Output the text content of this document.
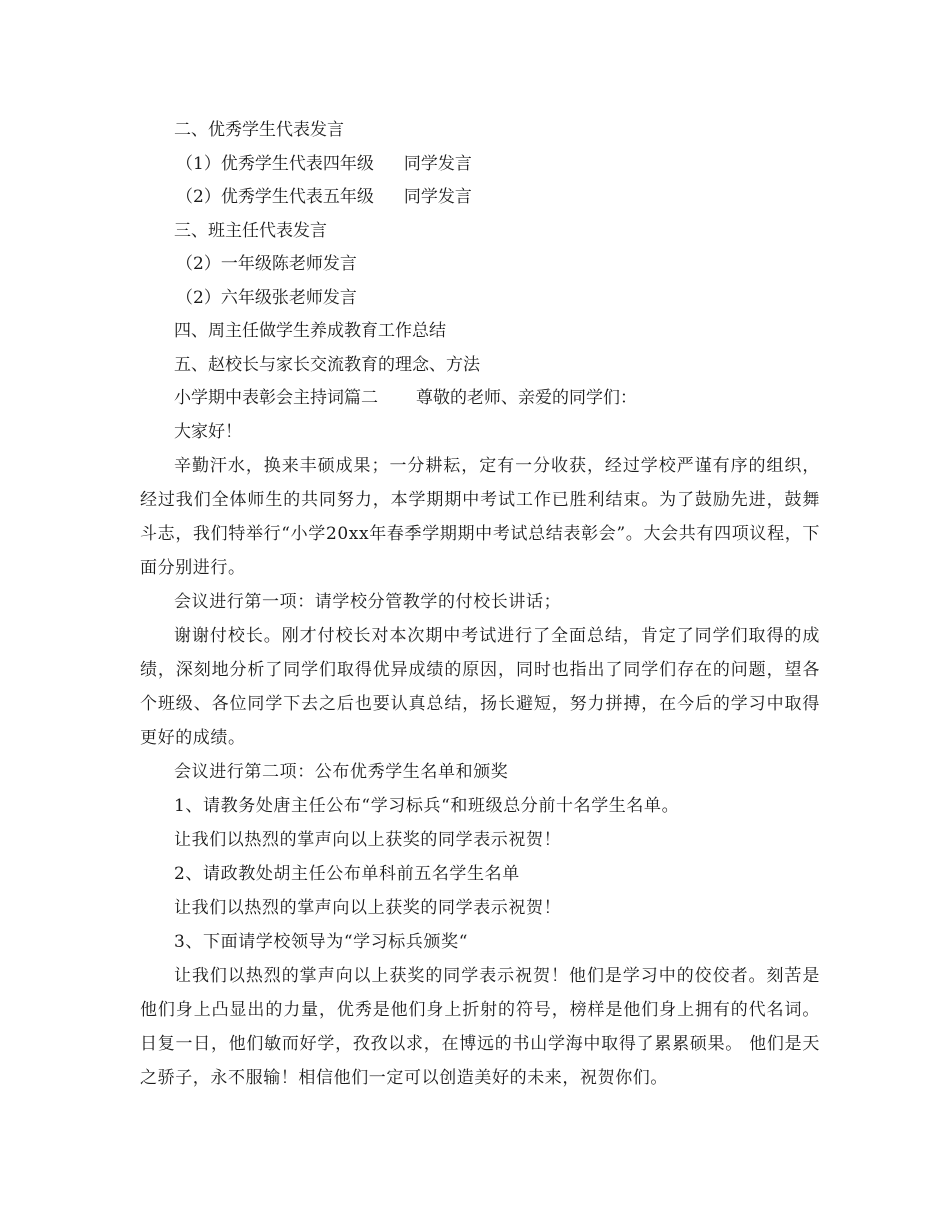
二、优秀学生代表发言
（1）优秀学生代表四年级 同学发言
（2）优秀学生代表五年级 同学发言
三、班主任代表发言
（2）一年级陈老师发言
（2）六年级张老师发言
四、周主任做学生养成教育工作总结
五、赵校长与家长交流教育的理念、方法
小学期中表彰会主持词篇二 尊敬的老师、亲爱的同学们：
大家好！

辛勤汗水，换来丰硕成果；一分耕耘，定有一分收获，经过学校严谨有序的组织，经过我们全体师生的共同努力，本学期期中考试工作已胜利结束。为了鼓励先进，鼓舞斗志，我们特举行“小学20xx年春季学期期中考试总结表彰会”。大会共有四项议程，下面分别进行。

会议进行第一项：请学校分管教学的付校长讲话；

谢谢付校长。刚才付校长对本次期中考试进行了全面总结，肯定了同学们取得的成绩，深刻地分析了同学们取得优异成绩的原因，同时也指出了同学们存在的问题，望各个班级、各位同学下去之后也要认真总结，扬长避短，努力拼搏，在今后的学习中取得更好的成绩。

会议进行第二项：公布优秀学生名单和颁奖

1、请教务处唐主任公布“学习标兵“和班级总分前十名学生名单。

让我们以热烈的掌声向以上获奖的同学表示祝贺！

2、请政教处胡主任公布单科前五名学生名单

让我们以热烈的掌声向以上获奖的同学表示祝贺！

3、下面请学校领导为“学习标兵颁奖“

让我们以热烈的掌声向以上获奖的同学表示祝贺！他们是学习中的佼佼者。刻苦是他们身上凸显出的力量，优秀是他们身上折射的符号，榜样是他们身上拥有的代名词。日复一日，他们敏而好学，孜孜以求，在博远的书山学海中取得了累累硕果。 他们是天之骄子，永不服输！相信他们一定可以创造美好的未来，祝贺你们。
